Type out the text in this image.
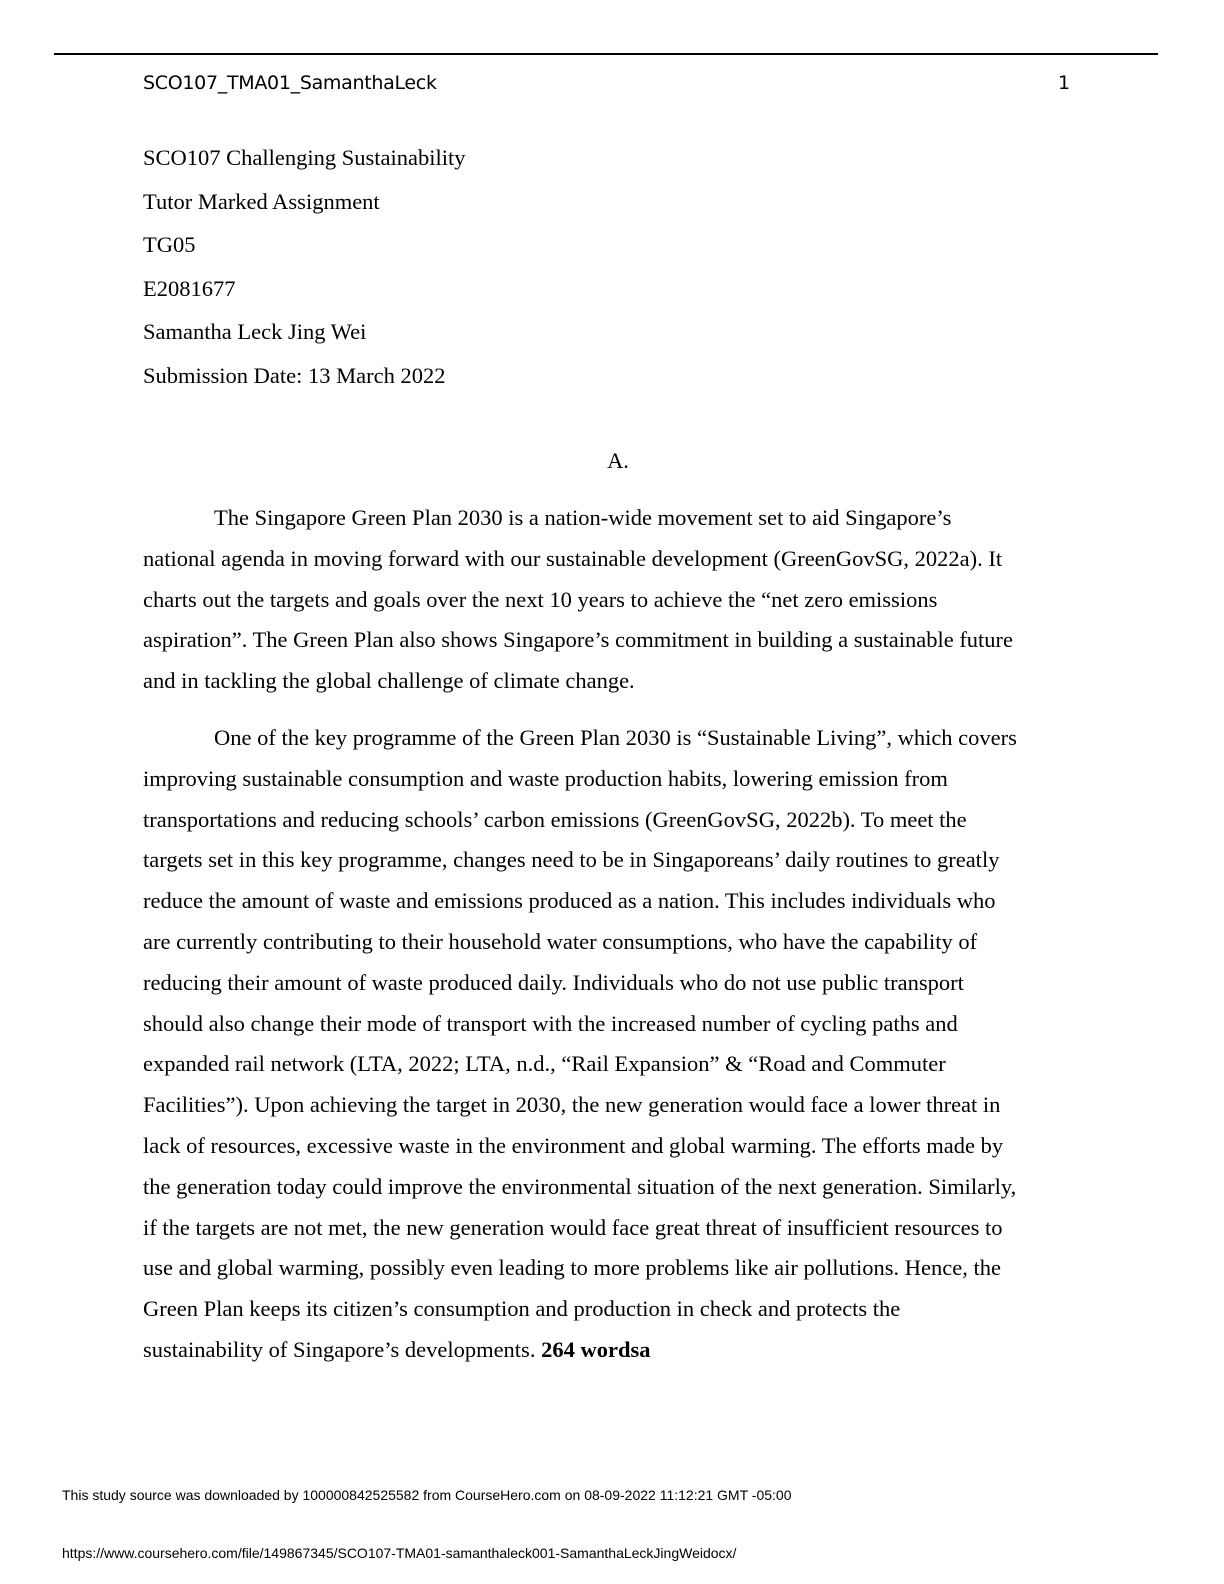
SCO107_TMA01_SamanthaLeck	1
SCO107 Challenging Sustainability
Tutor Marked Assignment
TG05
E2081677
Samantha Leck Jing Wei
Submission Date: 13 March 2022
A.
The Singapore Green Plan 2030 is a nation-wide movement set to aid Singapore’s
national agenda in moving forward with our sustainable development (GreenGovSG, 2022a). It
charts out the targets and goals over the next 10 years to achieve the “net zero emissions
aspiration”. The Green Plan also shows Singapore’s commitment in building a sustainable future
and in tackling the global challenge of climate change.
One of the key programme of the Green Plan 2030 is “Sustainable Living”, which covers
improving sustainable consumption and waste production habits, lowering emission from
transportations and reducing schools’ carbon emissions (GreenGovSG, 2022b). To meet the
targets set in this key programme, changes need to be in Singaporeans’ daily routines to greatly
reduce the amount of waste and emissions produced as a nation. This includes individuals who
are currently contributing to their household water consumptions, who have the capability of
reducing their amount of waste produced daily. Individuals who do not use public transport
should also change their mode of transport with the increased number of cycling paths and
expanded rail network (LTA, 2022; LTA, n.d., “Rail Expansion” & “Road and Commuter
Facilities”). Upon achieving the target in 2030, the new generation would face a lower threat in
lack of resources, excessive waste in the environment and global warming. The efforts made by
the generation today could improve the environmental situation of the next generation. Similarly,
if the targets are not met, the new generation would face great threat of insufficient resources to
use and global warming, possibly even leading to more problems like air pollutions. Hence, the
Green Plan keeps its citizen’s consumption and production in check and protects the
sustainability of Singapore’s developments. 264 wordsa
This study source was downloaded by 100000842525582 from CourseHero.com on 08-09-2022 11:12:21 GMT -05:00
https://www.coursehero.com/file/149867345/SCO107-TMA01-samanthaleck001-SamanthaLeckJingWeidocx/
